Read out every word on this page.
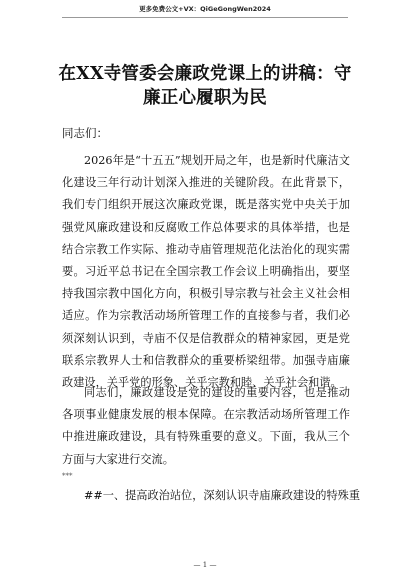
更多免费公文+VX：QiGeGongWen2024
在XX寺管委会廉政党课上的讲稿：守廉正心履职为民
同志们：

2026年是“十五五”规划开局之年，也是新时代廉洁文化建设三年行动计划深入推进的关键阶段。在此背景下，我们专门组织开展这次廉政党课，既是落实党中央关于加强党风廉政建设和反腐败工作总体要求的具体举措，也是结合宗教工作实际、推动寺庙管理规范化法治化的现实需要。习近平总书记在全国宗教工作会议上明确指出，要坚持我国宗教中国化方向，积极引导宗教与社会主义社会相适应。作为宗教活动场所管理工作的直接参与者，我们必须深刻认识到，寺庙不仅是信教群众的精神家园，更是党联系宗教界人士和信教群众的重要桥梁纽带。加强寺庙廉政建设，关乎党的形象、关乎宗教和睦、关乎社会和谐。

同志们，廉政建设是党的建设的重要内容，也是推动各项事业健康发展的根本保障。在宗教活动场所管理工作中推进廉政建设，具有特殊重要的意义。下面，我从三个方面与大家进行交流。

***
##一、提高政治站位，深刻认识寺庙廉政建设的特殊重
— 1 —
